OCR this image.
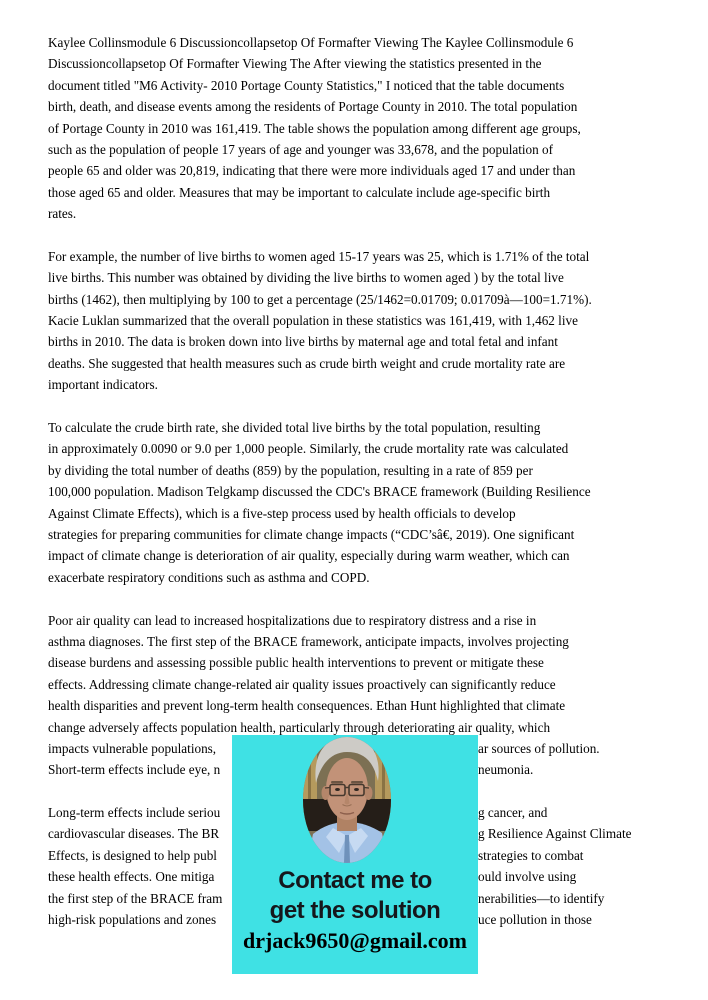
Kaylee Collinsmodule 6 Discussioncollapsetop Of Formafter Viewing The Kaylee Collinsmodule 6
Discussioncollapsetop Of Formafter Viewing The After viewing the statistics presented in the
document titled "M6 Activity- 2010 Portage County Statistics," I noticed that the table documents
birth, death, and disease events among the residents of Portage County in 2010. The total population
of Portage County in 2010 was 161,419. The table shows the population among different age groups,
such as the population of people 17 years of age and younger was 33,678, and the population of
people 65 and older was 20,819, indicating that there were more individuals aged 17 and under than
those aged 65 and older. Measures that may be important to calculate include age-specific birth
rates.
For example, the number of live births to women aged 15-17 years was 25, which is 1.71% of the total
live births. This number was obtained by dividing the live births to women aged ) by the total live
births (1462), then multiplying by 100 to get a percentage (25/1462=0.01709; 0.01709à—100=1.71%).
Kacie Luklan summarized that the overall population in these statistics was 161,419, with 1,462 live
births in 2010. The data is broken down into live births by maternal age and total fetal and infant
deaths. She suggested that health measures such as crude birth weight and crude mortality rate are
important indicators.
To calculate the crude birth rate, she divided total live births by the total population, resulting
in approximately 0.0090 or 9.0 per 1,000 people. Similarly, the crude mortality rate was calculated
by dividing the total number of deaths (859) by the population, resulting in a rate of 859 per
100,000 population. Madison Telgkamp discussed the CDC's BRACE framework (Building Resilience
Against Climate Effects), which is a five-step process used by health officials to develop
strategies for preparing communities for climate change impacts (“CDC’sâ€, 2019). One significant
impact of climate change is deterioration of air quality, especially during warm weather, which can
exacerbate respiratory conditions such as asthma and COPD.
Poor air quality can lead to increased hospitalizations due to respiratory distress and a rise in
asthma diagnoses. The first step of the BRACE framework, anticipate impacts, involves projecting
disease burdens and assessing possible public health interventions to prevent or mitigate these
effects. Addressing climate change-related air quality issues proactively can significantly reduce
health disparities and prevent long-term health consequences. Ethan Hunt highlighted that climate
change adversely affects population health, particularly through deteriorating air quality, which
impacts vulnerable populations,	ar sources of pollution.
Short-term effects include eye, n	neumonia.
Long-term effects include seriou	g cancer, and
cardiovascular diseases. The BR	g Resilience Against Climate
Effects, is designed to help publ	strategies to combat
these health effects. One mitiga	ould involve using
the first step of the BRACE fram	nerabilities—to identify
high-risk populations and zones	uce pollution in those
Contact me to
get the solution
drjack9650@gmail.com
